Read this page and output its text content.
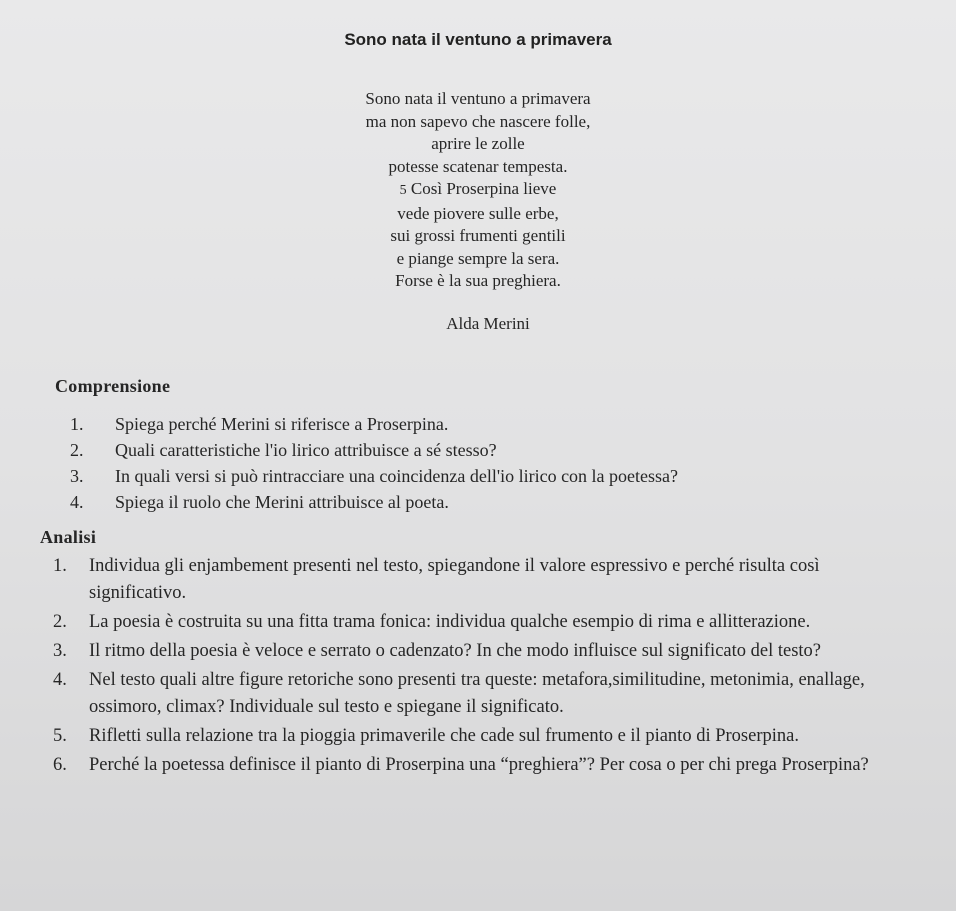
Sono nata il ventuno a primavera
Sono nata il ventuno a primavera
ma non sapevo che nascere folle,
aprire le zolle
potesse scatenar tempesta.
5 Così Proserpina lieve
vede piovere sulle erbe,
sui grossi frumenti gentili
e piange sempre la sera.
Forse è la sua preghiera.
Alda Merini
Comprensione
1.	Spiega perché Merini si riferisce a Proserpina.
2.	Quali caratteristiche l'io lirico attribuisce a sé stesso?
3.	In quali versi si può rintracciare una coincidenza dell'io lirico con la poetessa?
4.	Spiega il ruolo che Merini attribuisce al poeta.
Analisi
1.	Individua gli enjambement presenti nel testo, spiegandone il valore espressivo e perché risulta così significativo.
2.	La poesia è costruita su una fitta trama fonica: individua qualche esempio di rima e allitterazione.
3.	Il ritmo della poesia è veloce e serrato o cadenzato? In che modo influisce sul significato del testo?
4.	Nel testo quali altre figure retoriche sono presenti tra queste: metafora,similitudine, metonimia, enallage, ossimoro, climax? Individuale sul testo e spiegane il significato.
5.	Rifletti sulla relazione tra la pioggia primaverile che cade sul frumento e il pianto di Proserpina.
6.	Perché la poetessa definisce il pianto di Proserpina una “preghiera”? Per cosa o per chi prega Proserpina?
